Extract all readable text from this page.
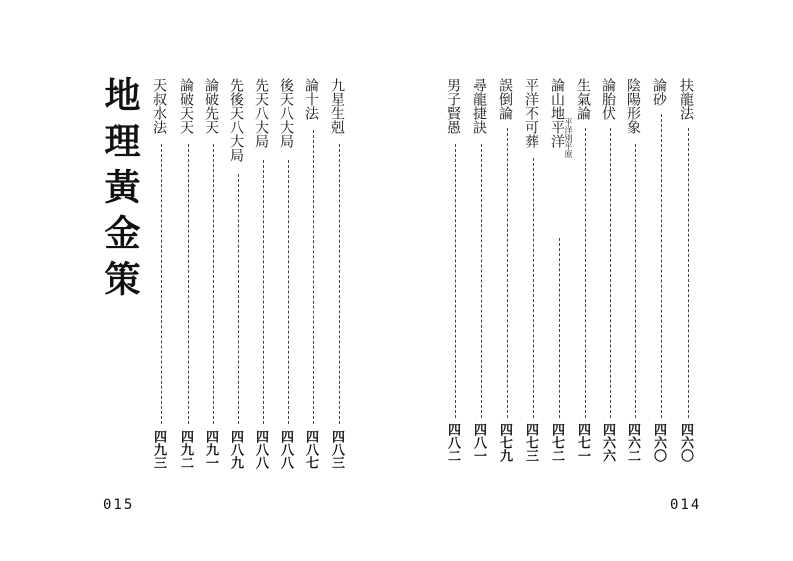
地理黃金策	九星生剋
四八三
論十法
四八七
後天八大局
四八八
先天八大局
四八八
先後天八大局
四八九
論破先天
四九一
論破天天
四九二
天叔水法
四九三
015
扶龍法
四六〇
論砂
四六〇
陰陽形象
四六二
論胎伏
四六六
生氣論
四七一
論山地平洋
四七二
平洋別平原
平洋不可葬
四七三
誤倒論
四七九
尋龍捷訣
四八一
男子賢愚
四八二
014
